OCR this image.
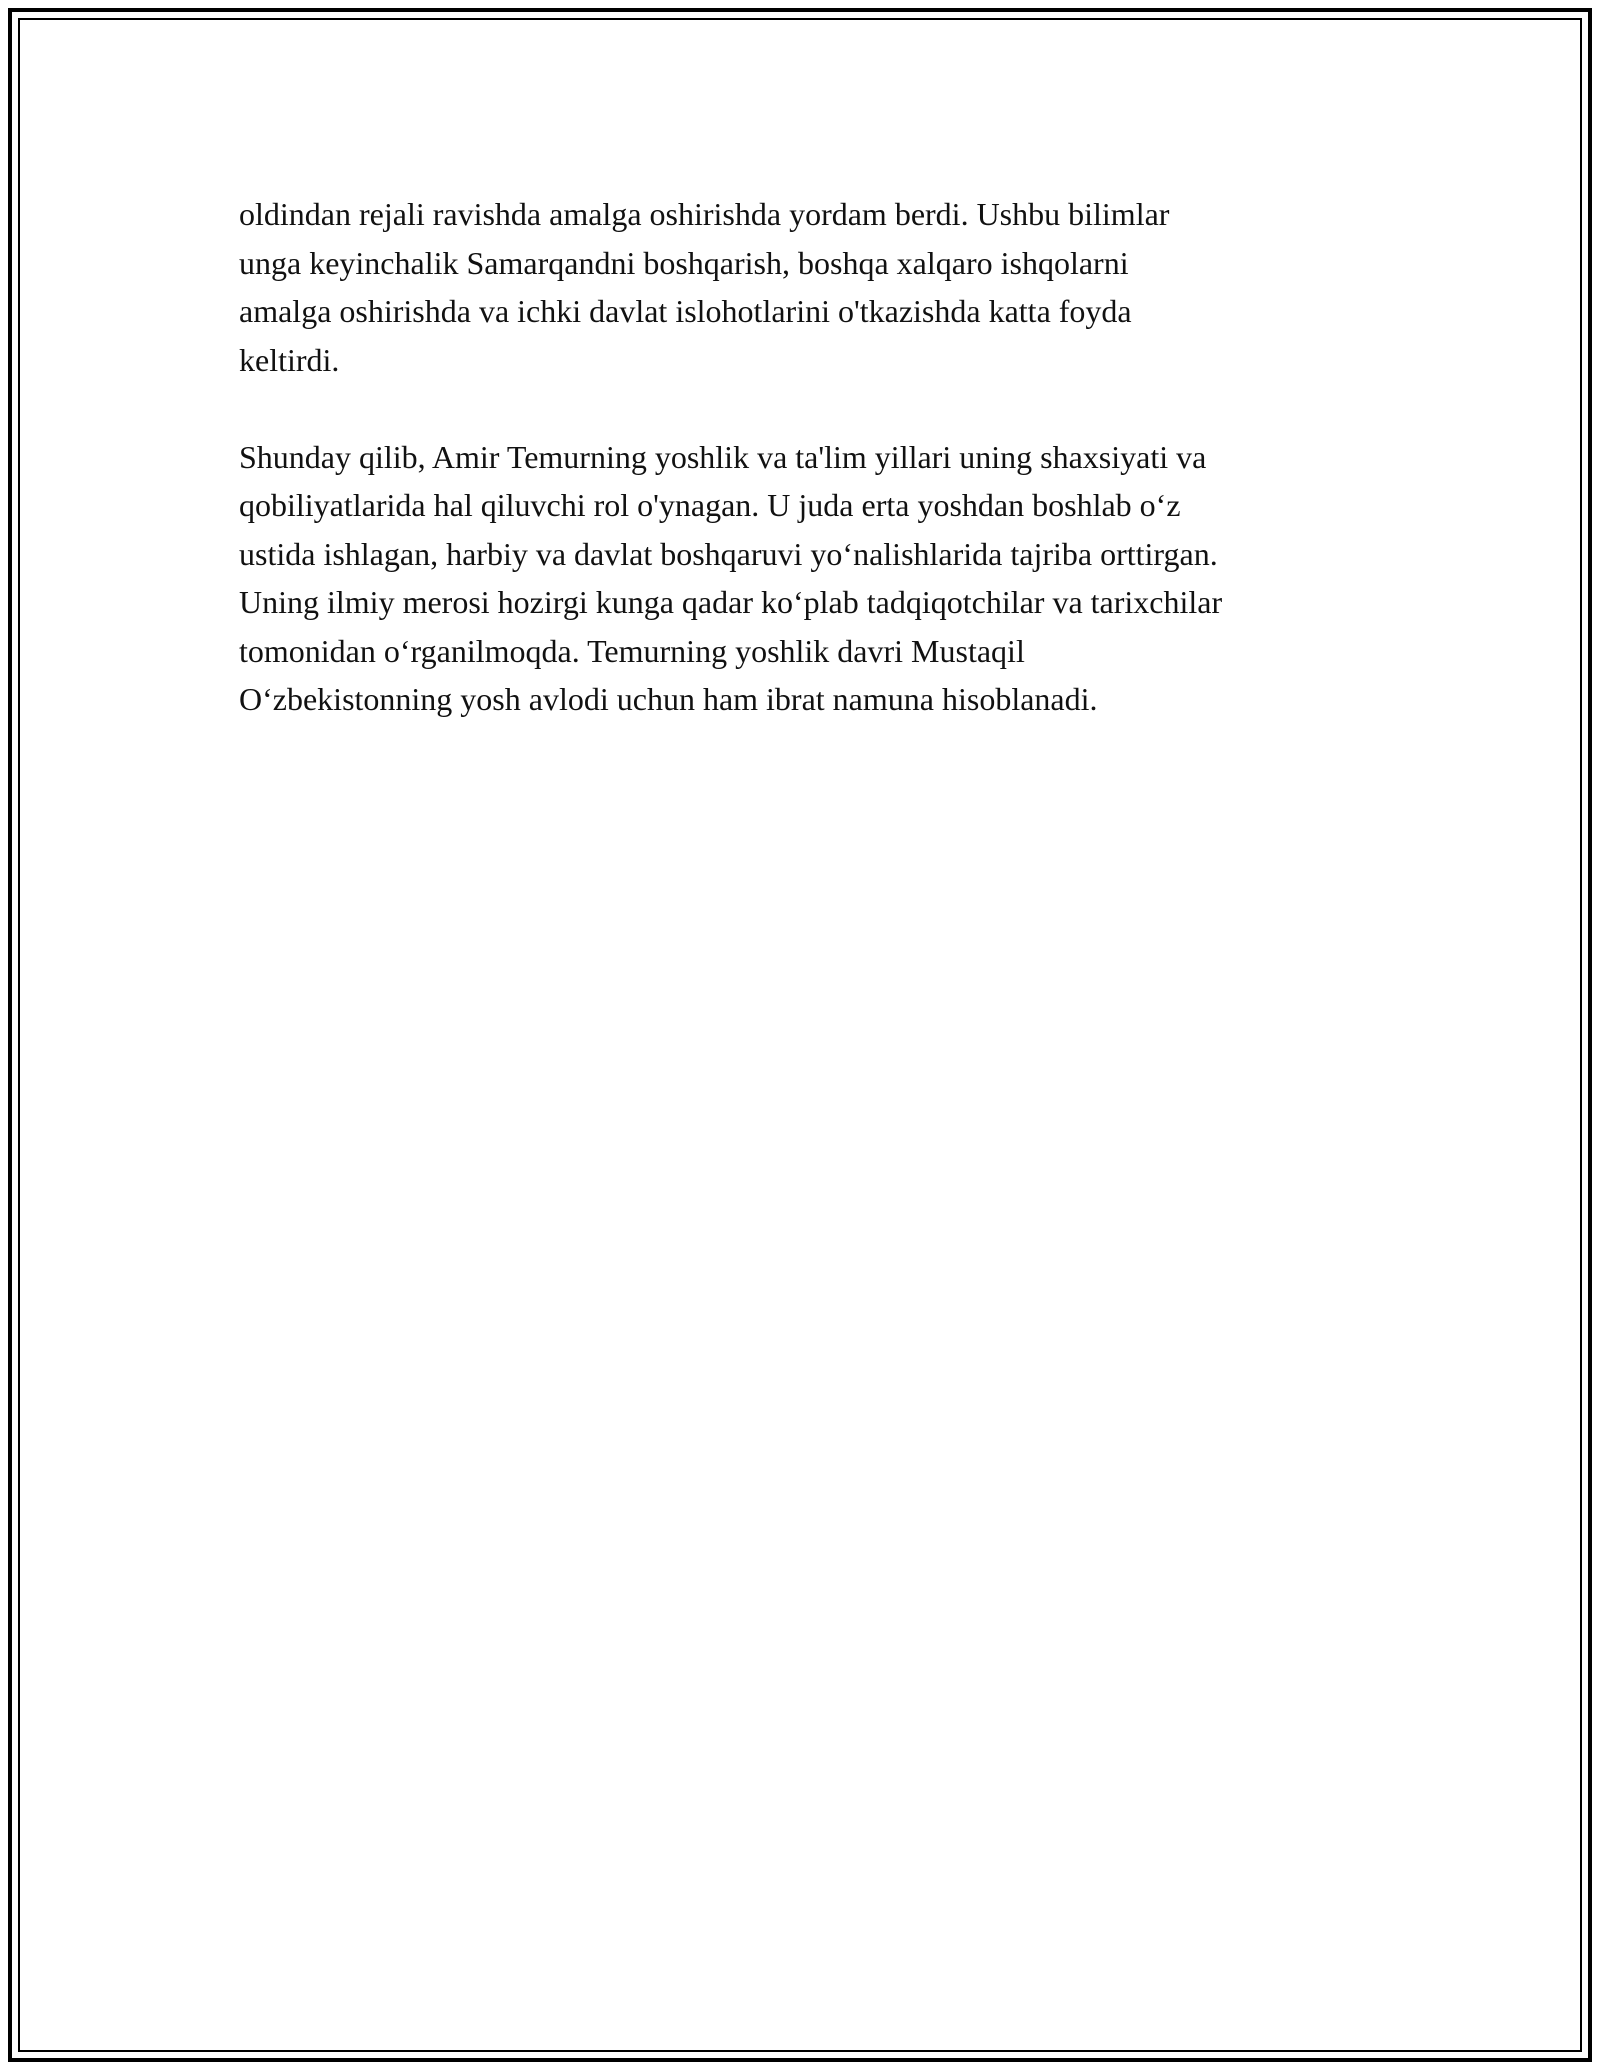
oldindan rejali ravishda amalga oshirishda yordam berdi. Ushbu bilimlar
unga keyinchalik Samarqandni boshqarish, boshqa xalqaro ishqolarni
amalga oshirishda va ichki davlat islohotlarini o'tkazishda katta foyda
keltirdi.

Shunday qilib, Amir Temurning yoshlik va ta'lim yillari uning shaxsiyati va
qobiliyatlarida hal qiluvchi rol o'ynagan. U juda erta yoshdan boshlab o‘z
ustida ishlagan, harbiy va davlat boshqaruvi yo‘nalishlarida tajriba orttirgan.
Uning ilmiy merosi hozirgi kunga qadar ko‘plab tadqiqotchilar va tarixchilar
tomonidan o‘rganilmoqda. Temurning yoshlik davri Mustaqil
O‘zbekistonning yosh avlodi uchun ham ibrat namuna hisoblanadi.
